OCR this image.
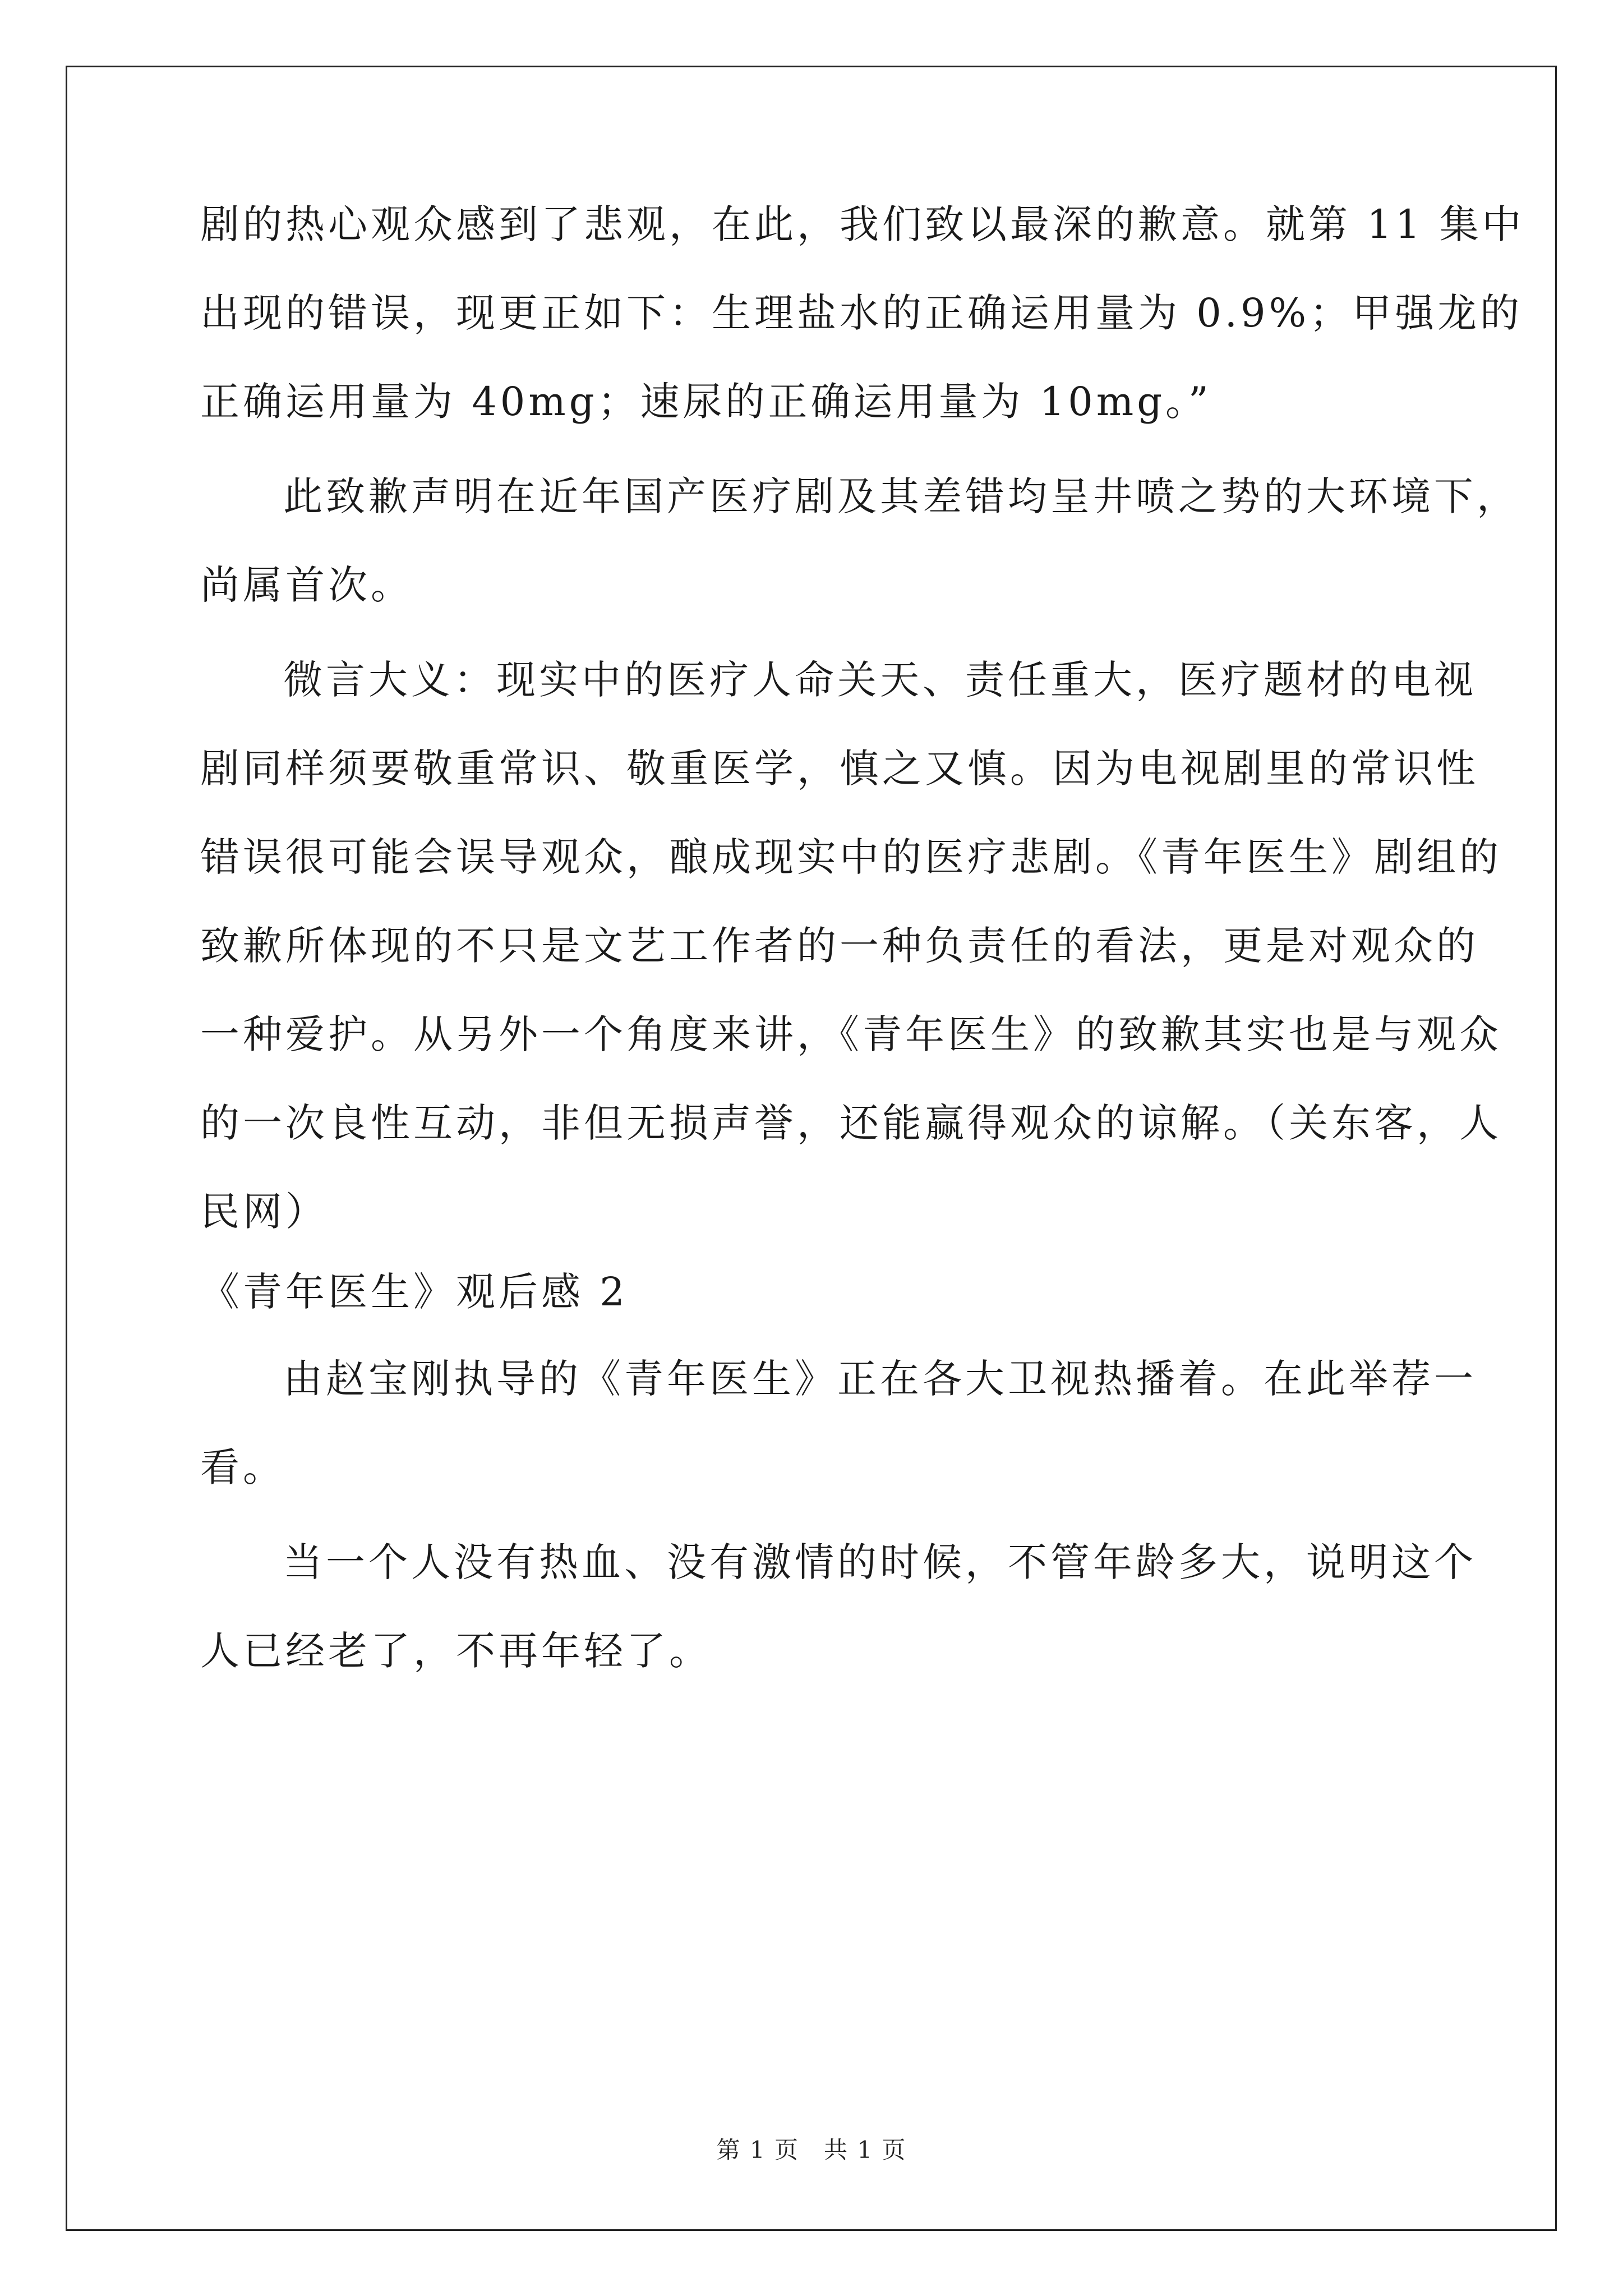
剧的热心观众感到了悲观，在此，我们致以最深的歉意。就第 11 集中
出现的错误，现更正如下：生理盐水的正确运用量为 0.9%；甲强龙的
正确运用量为 40mg；速尿的正确运用量为 10mg。”
此致歉声明在近年国产医疗剧及其差错均呈井喷之势的大环境下，
尚属首次。
微言大义：现实中的医疗人命关天、责任重大，医疗题材的电视
剧同样须要敬重常识、敬重医学，慎之又慎。因为电视剧里的常识性
错误很可能会误导观众，酿成现实中的医疗悲剧。《青年医生》剧组的
致歉所体现的不只是文艺工作者的一种负责任的看法，更是对观众的
一种爱护。从另外一个角度来讲，《青年医生》的致歉其实也是与观众
的一次良性互动，非但无损声誉，还能赢得观众的谅解。（关东客，人
民网）
《青年医生》观后感 2
由赵宝刚执导的《青年医生》正在各大卫视热播着。在此举荐一
看。
当一个人没有热血、没有激情的时候，不管年龄多大，说明这个
人已经老了，不再年轻了。
第 1 页　共 1 页
